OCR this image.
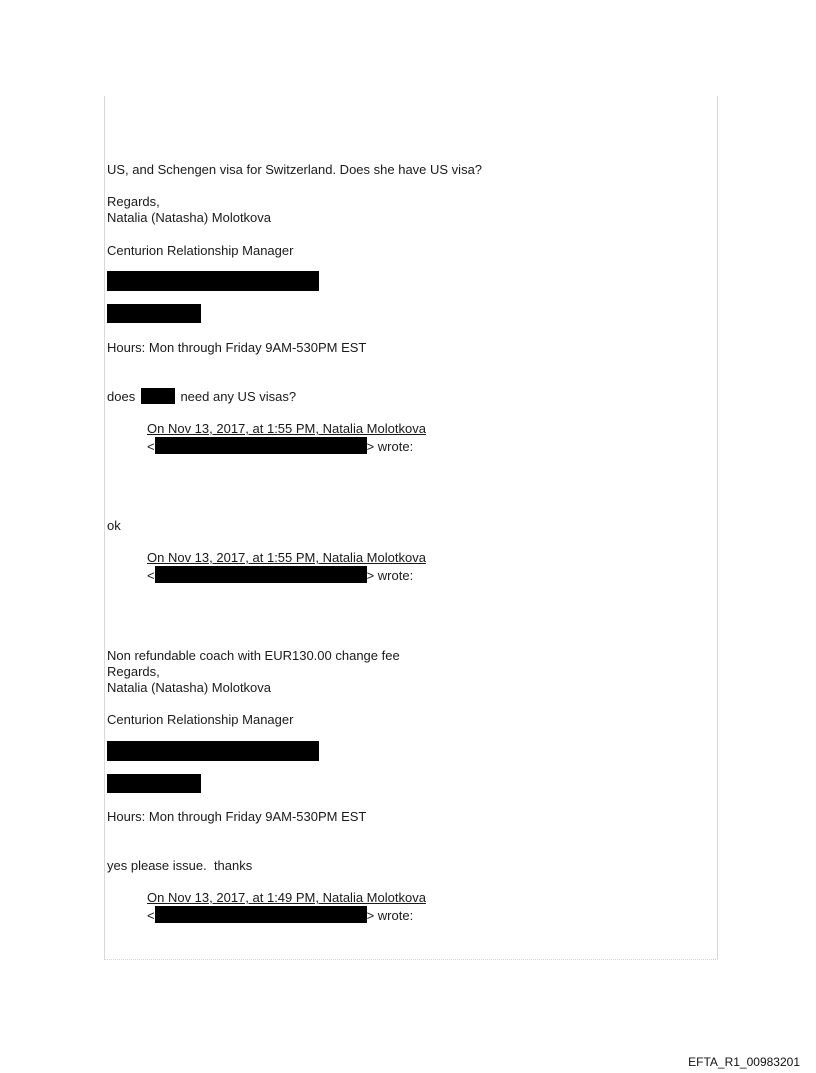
US, and Schengen visa for Switzerland. Does she have US visa?

Regards,

Natalia (Natasha) Molotkova

Centurion Relationship Manager

Hours: Mon through Friday 9AM-530PM EST

does	need any US visas?

On Nov 13, 2017, at 1:55 PM, Natalia Molotkova
<	> wrote:

ok

On Nov 13, 2017, at 1:55 PM, Natalia Molotkova
<	> wrote:

Non refundable coach with EUR130.00 change fee

Regards,

Natalia (Natasha) Molotkova

Centurion Relationship Manager

Hours: Mon through Friday 9AM-530PM EST

yes please issue.  thanks

On Nov 13, 2017, at 1:49 PM, Natalia Molotkova
<	> wrote:
EFTA_R1_00983201
